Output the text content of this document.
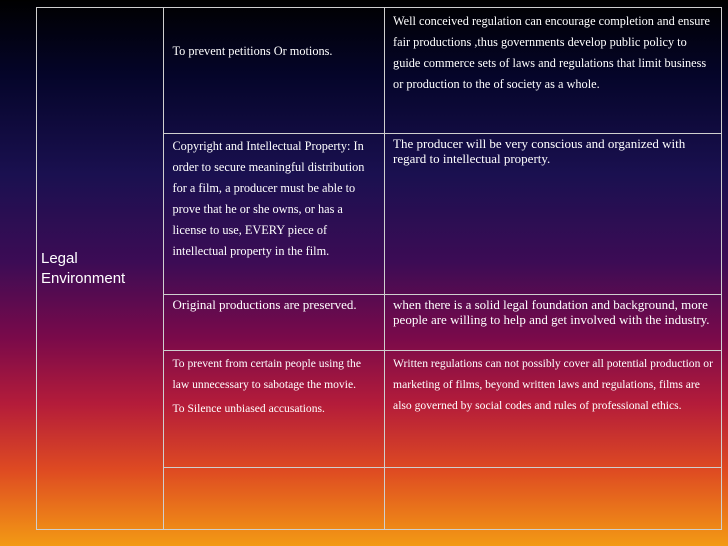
Legal
Environment	To prevent petitions Or motions.	Well conceived regulation can encourage completion and ensure fair productions ,thus governments develop public policy to guide commerce sets of laws and regulations that limit business or production to the of society as a whole.
	Copyright and Intellectual Property: In order to secure meaningful distribution for a film, a producer must be able to prove that he or she owns, or has a license to use, EVERY piece of intellectual property in the film.	The producer will be very conscious and organized with regard to intellectual property.
	Original productions are preserved.	when there is a solid legal foundation and background, more people are willing to help and get involved with the industry.
	To prevent from certain people using the law unnecessary to sabotage the movie.
To Silence unbiased accusations.	Written regulations can not possibly cover all potential production or marketing of films, beyond written laws and regulations, films are also governed by social codes and rules of professional ethics.
